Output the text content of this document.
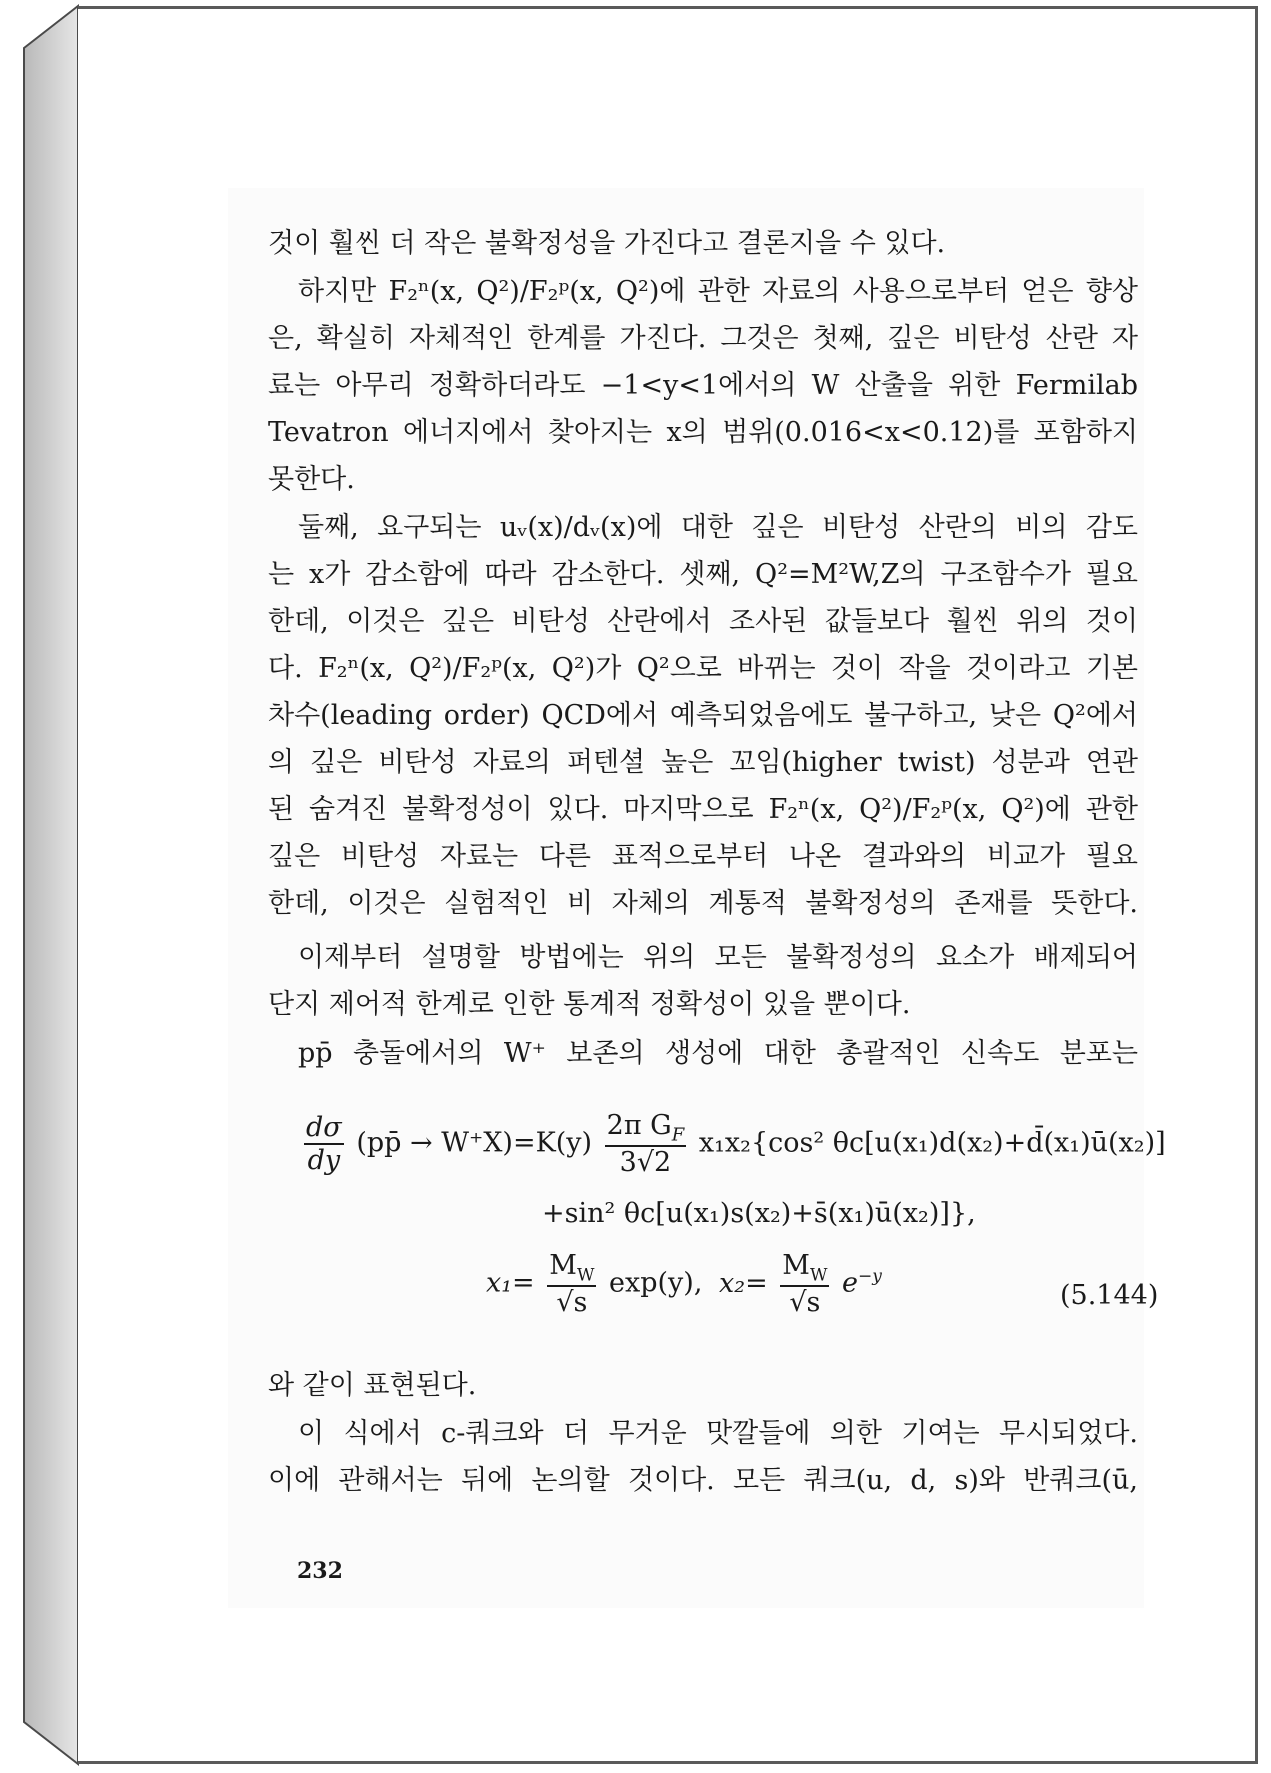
것이 훨씬 더 작은 불확정성을 가진다고 결론지을 수 있다.
하지만 F₂ⁿ(x, Q²)/F₂ᵖ(x, Q²)에 관한 자료의 사용으로부터 얻은 향상
은, 확실히 자체적인 한계를 가진다. 그것은 첫째, 깊은 비탄성 산란 자
료는 아무리 정확하더라도 −1<y<1에서의 W 산출을 위한 Fermilab
Tevatron 에너지에서 찾아지는 x의 범위(0.016<x<0.12)를 포함하지
못한다.
둘째, 요구되는 uᵥ(x)/dᵥ(x)에 대한 깊은 비탄성 산란의 비의 감도
는 x가 감소함에 따라 감소한다. 셋째, Q²=M²W,Z의 구조함수가 필요
한데, 이것은 깊은 비탄성 산란에서 조사된 값들보다 훨씬 위의 것이
다. F₂ⁿ(x, Q²)/F₂ᵖ(x, Q²)가 Q²으로 바뀌는 것이 작을 것이라고 기본
차수(leading order) QCD에서 예측되었음에도 불구하고, 낮은 Q²에서
의 깊은 비탄성 자료의 퍼텐셜 높은 꼬임(higher twist) 성분과 연관
된 숨겨진 불확정성이 있다. 마지막으로 F₂ⁿ(x, Q²)/F₂ᵖ(x, Q²)에 관한
깊은 비탄성 자료는 다른 표적으로부터 나온 결과와의 비교가 필요
한데, 이것은 실험적인 비 자체의 계통적 불확정성의 존재를 뜻한다.
이제부터 설명할 방법에는 위의 모든 불확정성의 요소가 배제되어
단지 제어적 한계로 인한 통계적 정확성이 있을 뿐이다.
pp̄ 충돌에서의 W⁺ 보존의 생성에 대한 총괄적인 신속도 분포는
$\frac{d\sigma}{dy}$ (pp̄ → $W^+X)=K(y) \frac{2\pi G_F}{3√2} x_1x_2\{\cos^2$ θc[u(x₁)d(x₂)+d̄(x₁)ū(x₂)]
+sin² θc[u(x₁)s(x₂)+s̄(x₁)ū(x₂)]},
$x_1= \frac{M_W}{√s} \exp(y)$, $x_2= \frac{M_W}{√s} e^{-y}$
(5.144)
와 같이 표현된다.
이 식에서 c-쿼크와 더 무거운 맛깔들에 의한 기여는 무시되었다.
이에 관해서는 뒤에 논의할 것이다. 모든 쿼크(u, d, s)와 반쿼크(ū,
232
